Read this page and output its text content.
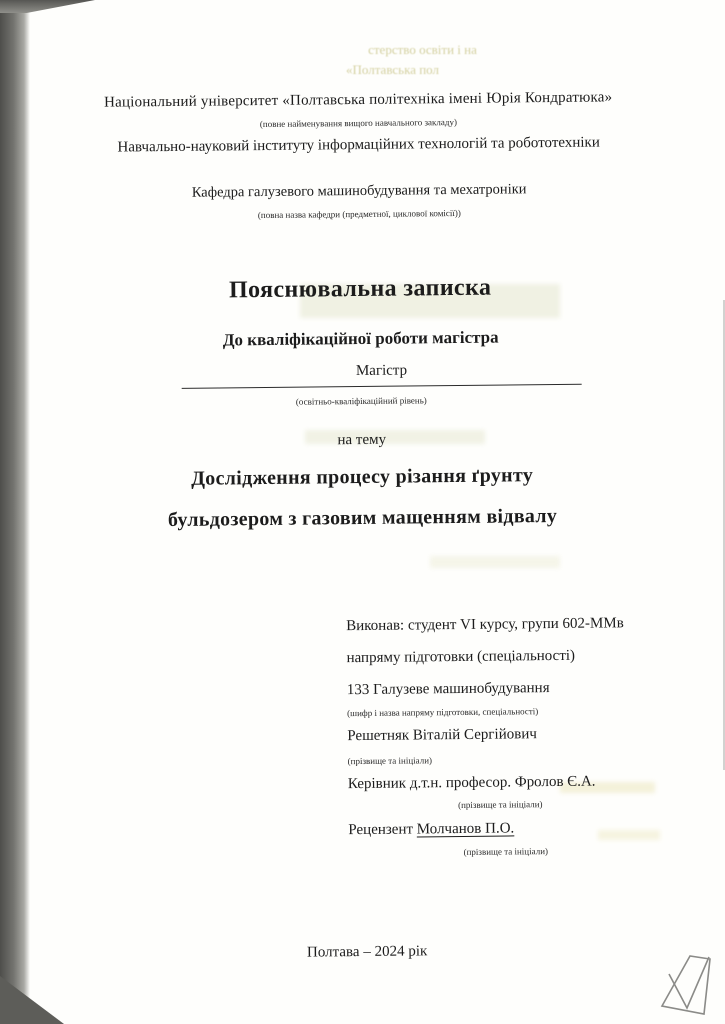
стерство освіти і на
«Полтавська пол
Національний університет «Полтавська політехніка імені Юрія Кондратюка»
(повне найменування вищого навчального закладу)
Навчально-науковий інституту інформаційних технологій та робототехніки
Кафедра галузевого машинобудування та мехатроніки
(повна назва кафедри (предметної, циклової комісії))
Пояснювальна записка
До кваліфікаційної роботи магістра
Магістр
(освітньо-кваліфікаційний рівень)
на тему
Дослідження процесу різання ґрунту
бульдозером з газовим мащенням відвалу
Виконав: студент VI курсу, групи 602-ММв
напряму підготовки (спеціальності)
133 Галузеве машинобудування
(шифр і назва напряму підготовки, спеціальності)
Решетняк Віталій Сергійович
(прізвище та ініціали)
Керівник д.т.н. професор. Фролов Є.А.
(прізвище та ініціали)
Рецензент Молчанов П.О.
(прізвище та ініціали)
Полтава – 2024 рік
